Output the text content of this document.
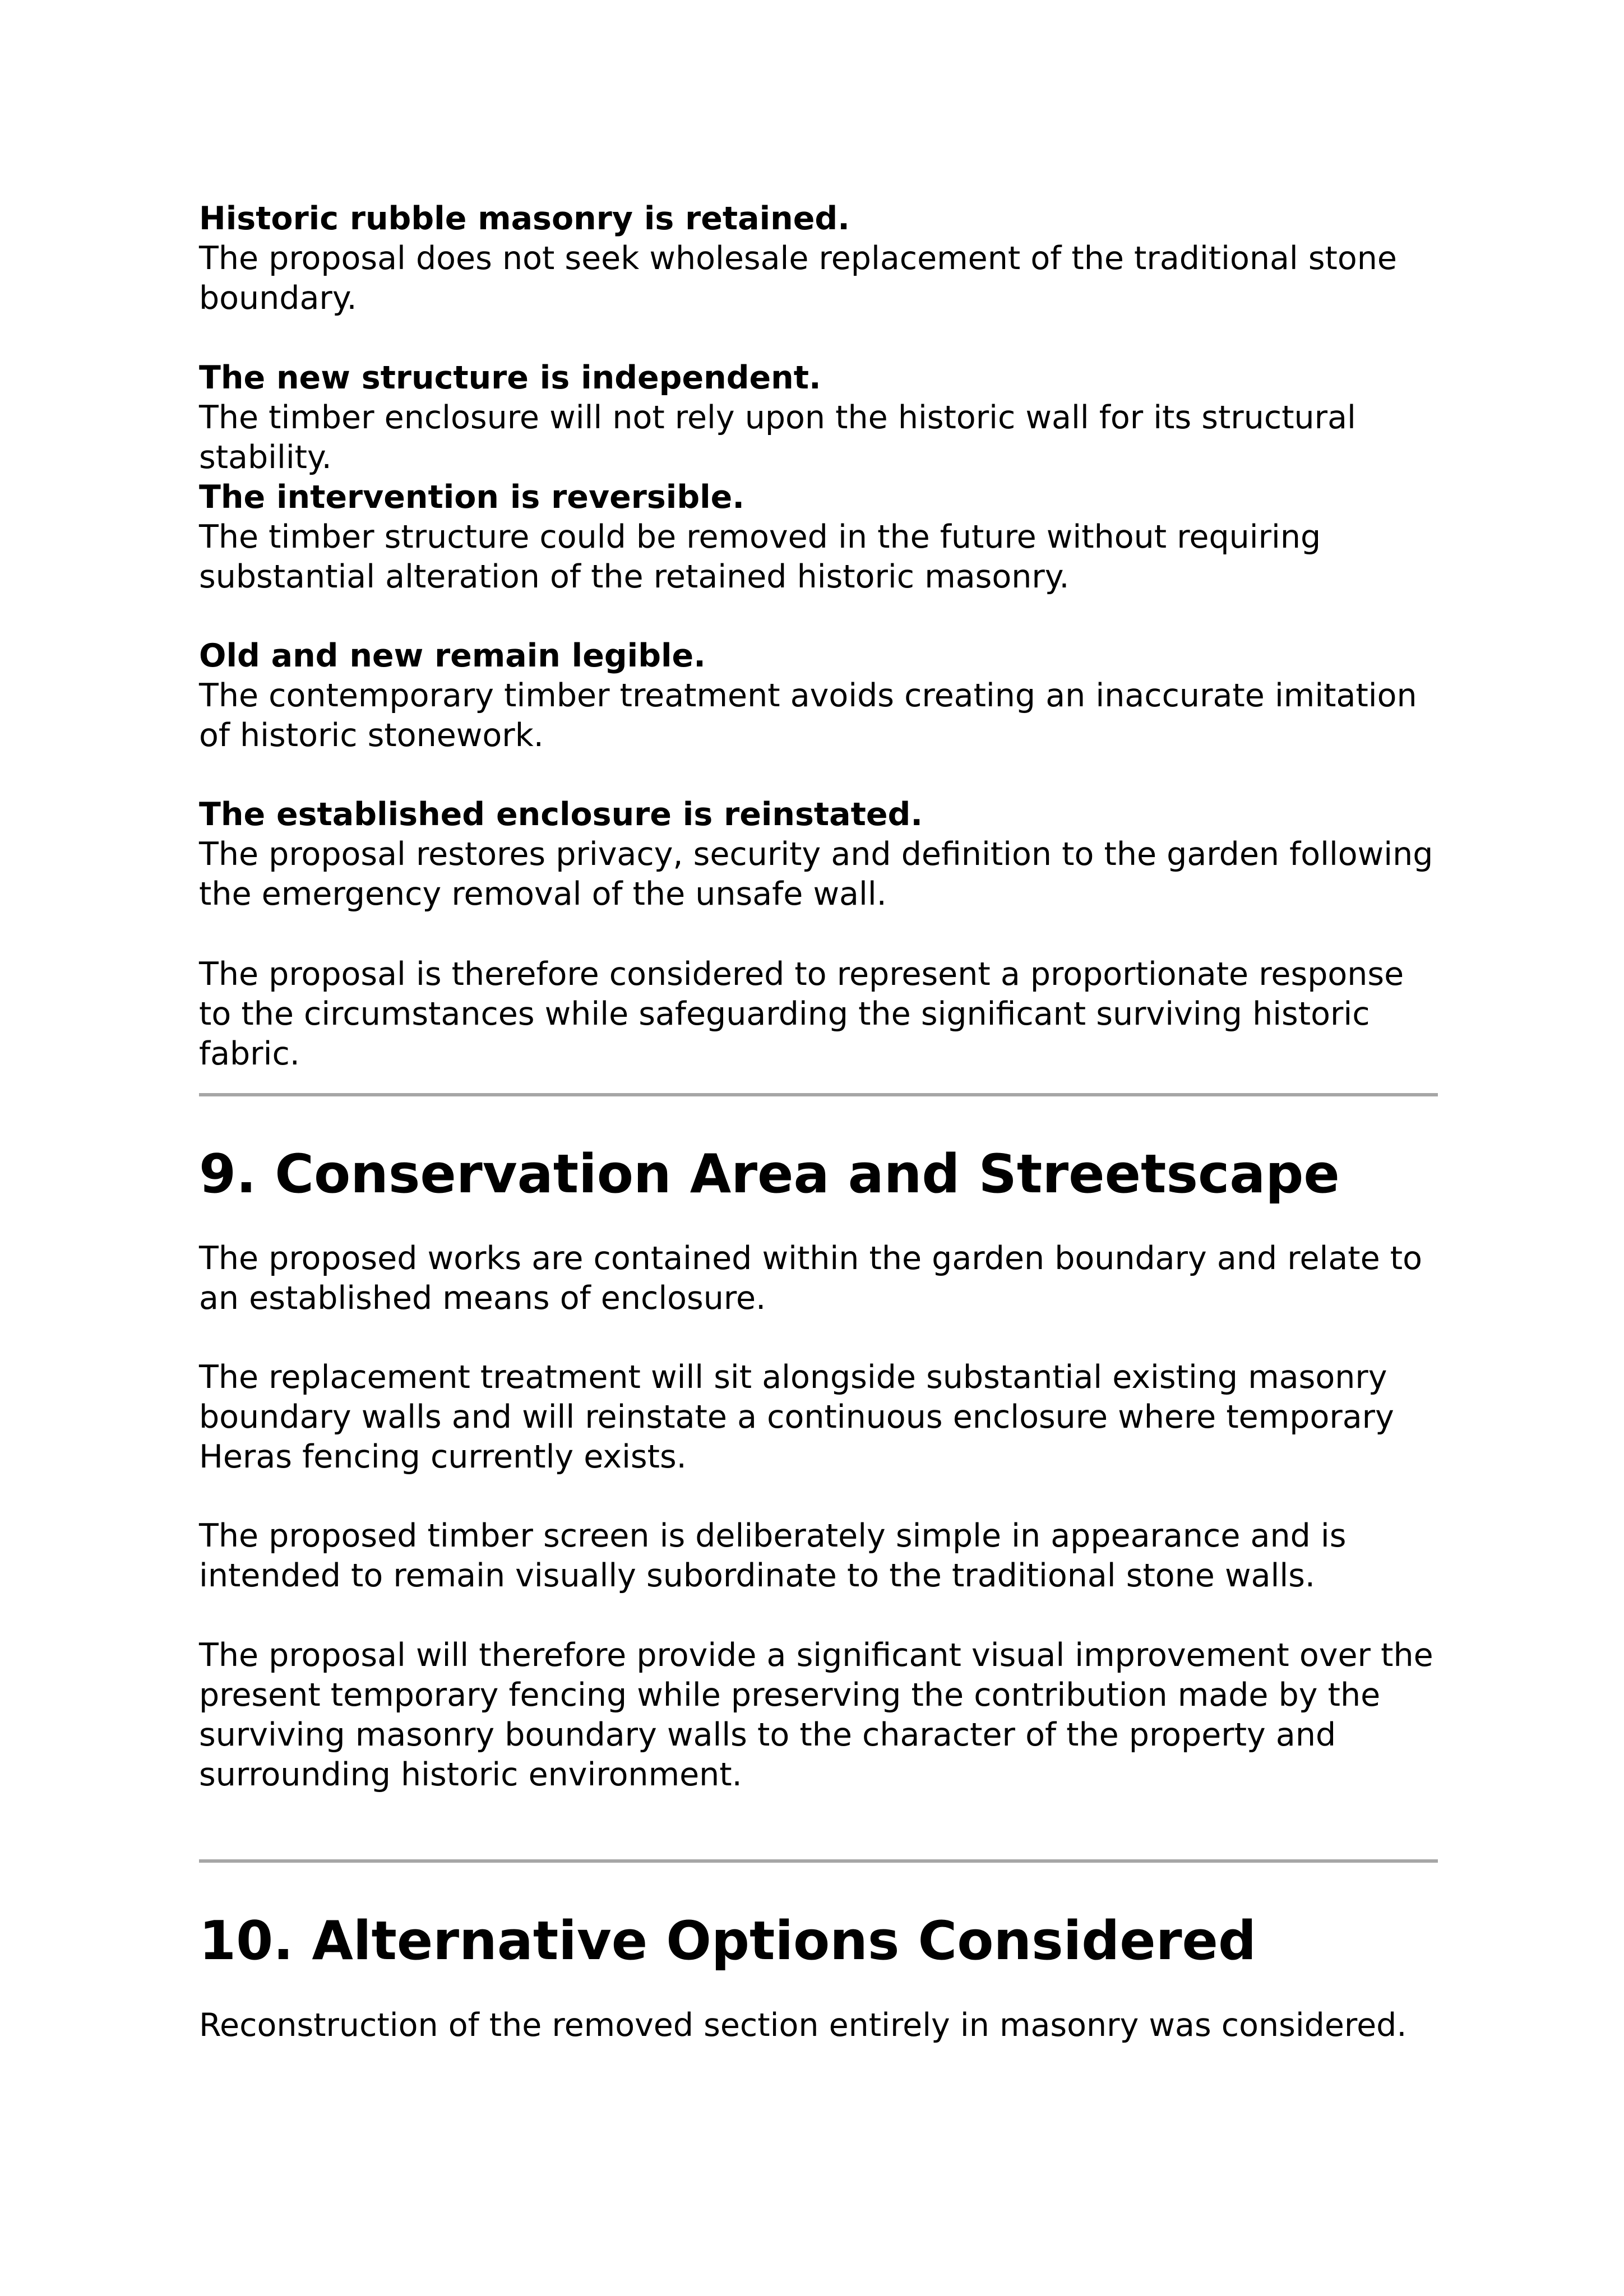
Historic rubble masonry is retained.
The proposal does not seek wholesale replacement of the traditional stone boundary.

The new structure is independent.
The timber enclosure will not rely upon the historic wall for its structural stability.

The intervention is reversible.
The timber structure could be removed in the future without requiring substantial alteration of the retained historic masonry.

Old and new remain legible.
The contemporary timber treatment avoids creating an inaccurate imitation of historic stonework.

The established enclosure is reinstated.
The proposal restores privacy, security and definition to the garden following the emergency removal of the unsafe wall.

The proposal is therefore considered to represent a proportionate response to the circumstances while safeguarding the significant surviving historic fabric.

9. Conservation Area and Streetscape

The proposed works are contained within the garden boundary and relate to an established means of enclosure.

The replacement treatment will sit alongside substantial existing masonry boundary walls and will reinstate a continuous enclosure where temporary Heras fencing currently exists.

The proposed timber screen is deliberately simple in appearance and is intended to remain visually subordinate to the traditional stone walls.

The proposal will therefore provide a significant visual improvement over the present temporary fencing while preserving the contribution made by the surviving masonry boundary walls to the character of the property and surrounding historic environment.

10. Alternative Options Considered

Reconstruction of the removed section entirely in masonry was considered.
